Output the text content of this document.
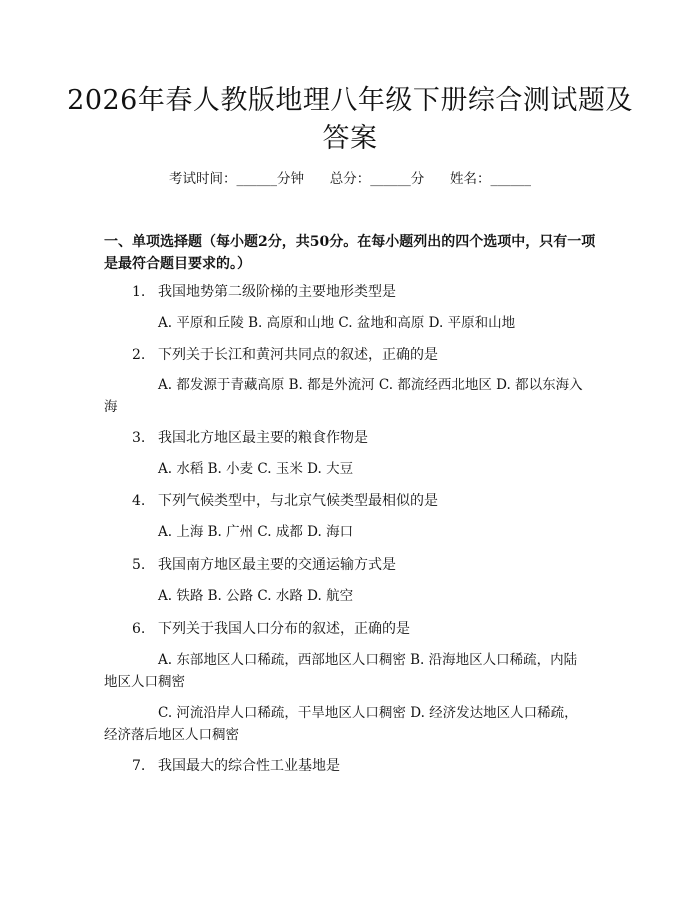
2026年春人教版地理八年级下册综合测试题及答案
考试时间：______分钟 总分：______分 姓名：______
一、单项选择题（每小题2分，共50分。在每小题列出的四个选项中，只有一项是最符合题目要求的。）
1. 我国地势第二级阶梯的主要地形类型是
A. 平原和丘陵 B. 高原和山地 C. 盆地和高原 D. 平原和山地
2. 下列关于长江和黄河共同点的叙述，正确的是
A. 都发源于青藏高原 B. 都是外流河 C. 都流经西北地区 D. 都以东海入海
3. 我国北方地区最主要的粮食作物是
A. 水稻 B. 小麦 C. 玉米 D. 大豆
4. 下列气候类型中，与北京气候类型最相似的是
A. 上海 B. 广州 C. 成都 D. 海口
5. 我国南方地区最主要的交通运输方式是
A. 铁路 B. 公路 C. 水路 D. 航空
6. 下列关于我国人口分布的叙述，正确的是
A. 东部地区人口稀疏，西部地区人口稠密 B. 沿海地区人口稀疏，内陆地区人口稠密
C. 河流沿岸人口稀疏，干旱地区人口稠密 D. 经济发达地区人口稀疏，经济落后地区人口稠密
7. 我国最大的综合性工业基地是
